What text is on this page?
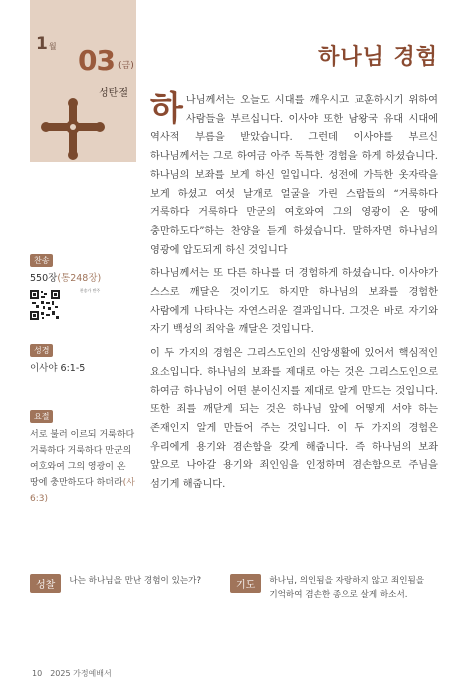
1월 03 (금)
성탄절
하나님 경험

하나님께서는 오늘도 시대를 깨우시고 교훈하시기 위하여 사람들을 부르십니다. 이사야 또한 남왕국 유대 시대에 역사적 부름을 받았습니다. 그런데 이사야를 부르신 하나님께서는 그로 하여금 아주 독특한 경험을 하게 하셨습니다. 하나님의 보좌를 보게 하신 일입니다. 성전에 가득한 옷자락을 보게 하셨고 여섯 날개로 얼굴을 가린 스랍들의 “거룩하다 거룩하다 거룩하다 만군의 여호와여 그의 영광이 온 땅에 충만하도다”하는 찬양을 듣게 하셨습니다. 말하자면 하나님의 영광에 압도되게 하신 것입니다

하나님께서는 또 다른 하나를 더 경험하게 하셨습니다. 이사야가 스스로 깨달은 것이기도 하지만 하나님의 보좌를 경험한 사람에게 나타나는 자연스러운 결과입니다. 그것은 바로 자기와 자기 백성의 죄악을 깨달은 것입니다.

이 두 가지의 경험은 그리스도인의 신앙생활에 있어서 핵심적인 요소입니다. 하나님의 보좌를 제대로 아는 것은 그리스도인으로 하여금 하나님이 어떤 분이신지를 제대로 알게 만드는 것입니다. 또한 죄를 깨닫게 되는 것은 하나님 앞에 어떻게 서야 하는 존재인지 알게 만들어 주는 것입니다. 이 두 가지의 경험은 우리에게 용기와 겸손함을 갖게 해줍니다. 즉 하나님의 보좌 앞으로 나아갈 용기와 죄인임을 인정하며 겸손함으로 주님을 섬기게 해줍니다.

찬송
550장(통248장)
찬송가 반주
성경
이사야 6:1-5
요절
서로 불러 이르되 거룩하다 거룩하다 거룩하다 만군의 여호와여 그의 영광이 온 땅에 충만하도다 하더라(사 6:3)
성찰	나는 하나님을 만난 경험이 있는가?	기도	하나님, 의인됨을 자랑하지 않고 죄인됨을 기억하여 겸손한 종으로 살게 하소서.
10 2025 가정예배서
